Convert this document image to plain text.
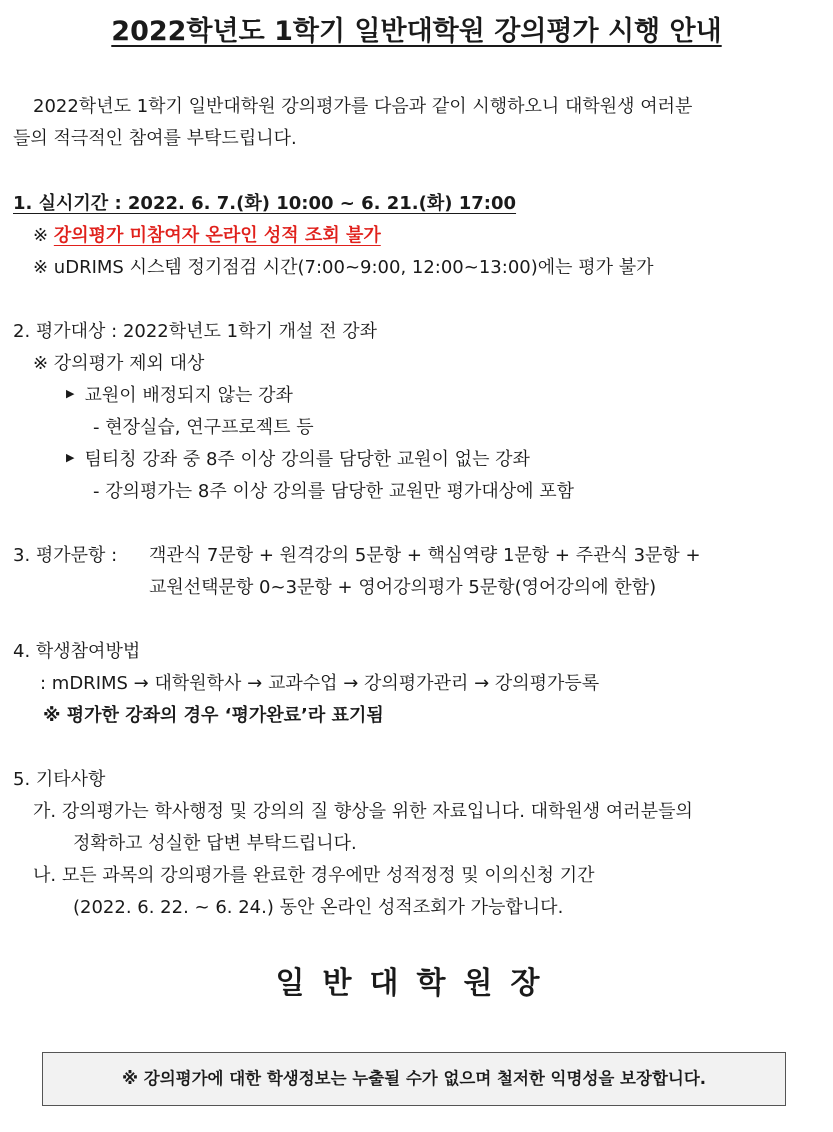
2022학년도 1학기 일반대학원 강의평가 시행 안내
2022학년도 1학기 일반대학원 강의평가를 다음과 같이 시행하오니 대학원생 여러분
들의 적극적인 참여를 부탁드립니다.
1. 실시기간 : 2022. 6. 7.(화) 10:00 ~ 6. 21.(화) 17:00
※ 강의평가 미참여자 온라인 성적 조회 불가
※ uDRIMS 시스템 정기점검 시간(7:00~9:00, 12:00~13:00)에는 평가 불가
2. 평가대상 : 2022학년도 1학기 개설 전 강좌
※ 강의평가 제외 대상
▶ 교원이 배정되지 않는 강좌
- 현장실습, 연구프로젝트 등
▶ 팀티칭 강좌 중 8주 이상 강의를 담당한 교원이 없는 강좌
- 강의평가는 8주 이상 강의를 담당한 교원만 평가대상에 포함
3. 평가문항 : 객관식 7문항 + 원격강의 5문항 + 핵심역량 1문항 + 주관식 3문항 +
교원선택문항 0~3문항 + 영어강의평가 5문항(영어강의에 한함)
4. 학생참여방법
: mDRIMS → 대학원학사 → 교과수업 → 강의평가관리 → 강의평가등록
※ 평가한 강좌의 경우 ‘평가완료’라 표기됨
5. 기타사항
가. 강의평가는 학사행정 및 강의의 질 향상을 위한 자료입니다. 대학원생 여러분들의
정확하고 성실한 답변 부탁드립니다.
나. 모든 과목의 강의평가를 완료한 경우에만 성적정정 및 이의신청 기간
(2022. 6. 22. ~ 6. 24.) 동안 온라인 성적조회가 가능합니다.
일반대학원장
※ 강의평가에 대한 학생정보는 누출될 수가 없으며 철저한 익명성을 보장합니다.
